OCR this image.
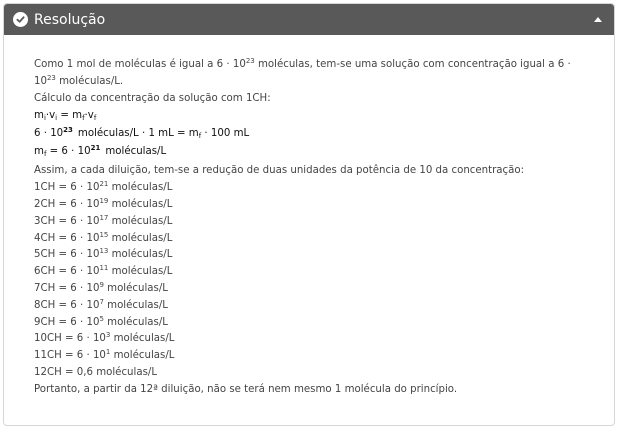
Resolução
Como 1 mol de moléculas é igual a $6 \cdot 10^{23}$ moléculas, tem-se uma solução com concentração igual a $6 \cdot 10^{23}$ moléculas/L.
Cálculo da concentração da solução com 1CH:
$m_i\cdot v_i = m_f\cdot v_f$
$6 \cdot 10^{23}$ moléculas/L · 1 mL = $m_f \cdot 100$ mL
$m_f = 6 \cdot 10^{21}$ moléculas/L
Assim, a cada diluição, tem-se a redução de duas unidades da potência de 10 da concentração:
$1CH = 6 \cdot 10^{21}$ moléculas/L
$2CH = 6 \cdot 10^{19}$ moléculas/L
$3CH = 6 \cdot 10^{17}$ moléculas/L
$4CH = 6 \cdot 10^{15}$ moléculas/L
$5CH = 6 \cdot 10^{13}$ moléculas/L
$6CH = 6 \cdot 10^{11}$ moléculas/L
$7CH = 6 \cdot 10^9$ moléculas/L
$8CH = 6 \cdot 10^7$ moléculas/L
$9CH = 6 \cdot 10^5$ moléculas/L
$10CH = 6 \cdot 10^3$ moléculas/L
$11CH = 6 \cdot 10^1$ moléculas/L
12CH = 0,6 moléculas/L
Portanto, a partir da 12ª diluição, não se terá nem mesmo 1 molécula do princípio.
